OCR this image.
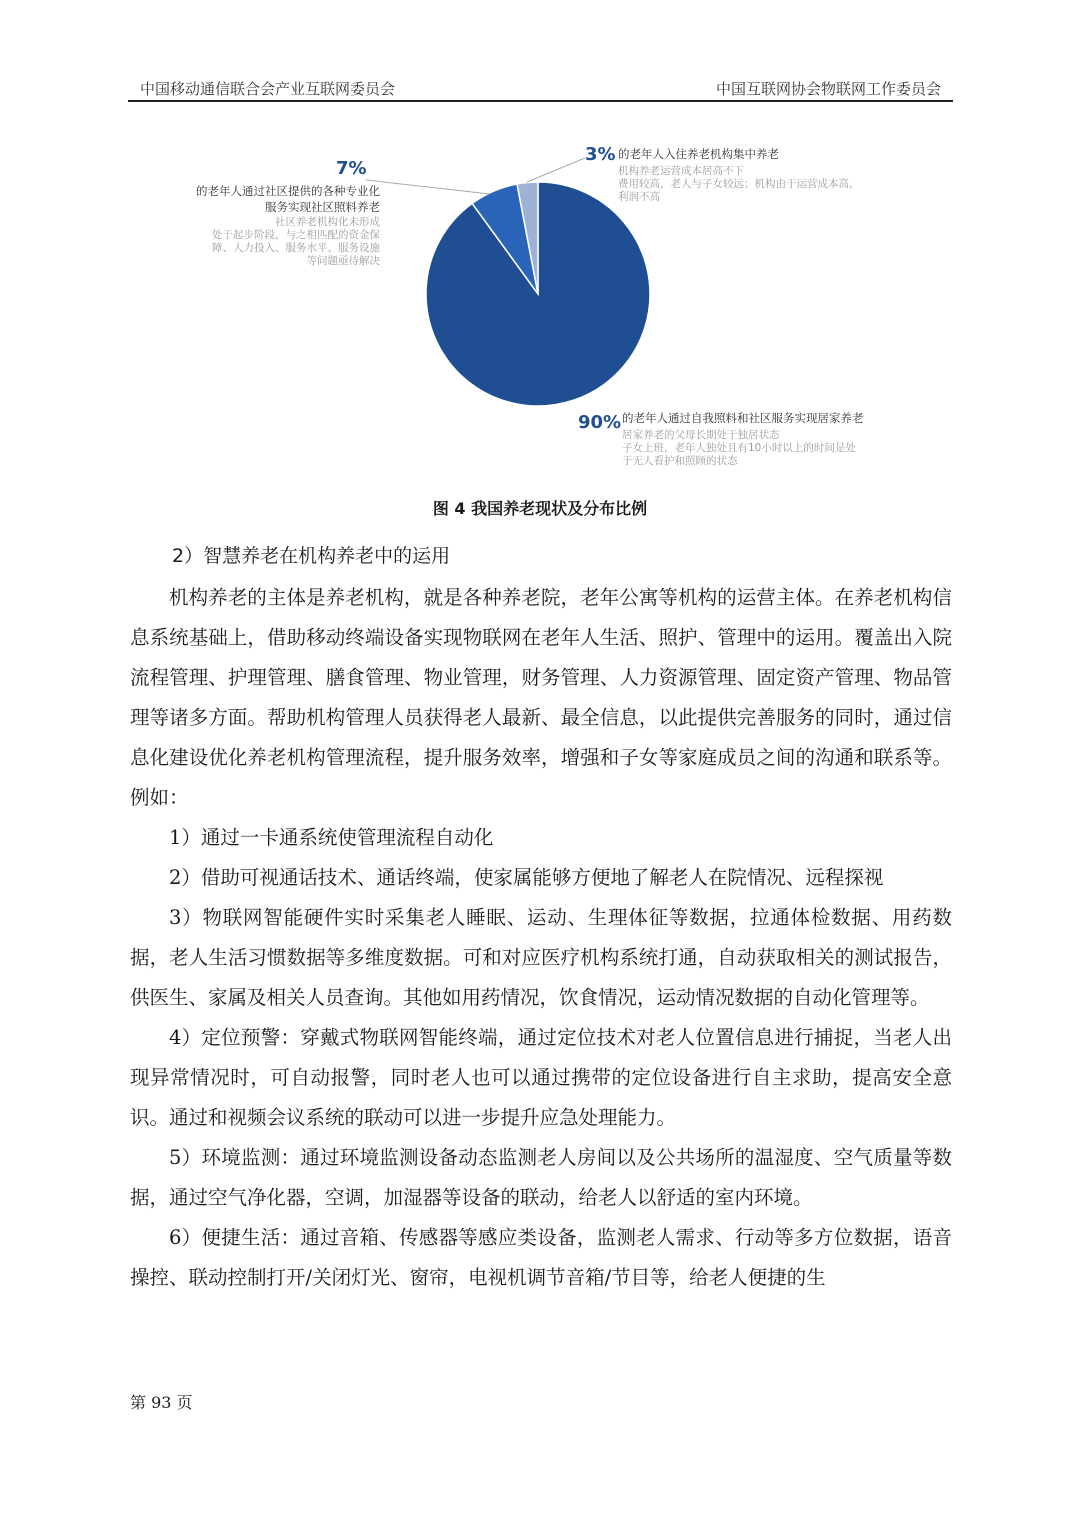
中国移动通信联合会产业互联网委员会	中国互联网协会物联网工作委员会
90% 的老年人通过自我照料和社区服务实现居家养老
居家养老的父母长期处于独居状态
子女上班，老年人独处且有10小时以上的时间是处
于无人看护和照顾的状态
7%
的老年人通过社区提供的各种专业化
服务实现社区照料养老
社区养老机构化未形成
处于起步阶段，与之相匹配的资金保
障、人力投入、服务水平、服务设施
等问题亟待解决
3% 的老年人入住养老机构集中养老
机构养老运营成本居高不下
费用较高，老人与子女较远；机构由于运营成本高，
利润不高
图 4 我国养老现状及分布比例
2）智慧养老在机构养老中的运用

机构养老的主体是养老机构，就是各种养老院，老年公寓等机构的运营主体。在养老机构信息系统基础上，借助移动终端设备实现物联网在老年人生活、照护、管理中的运用。覆盖出入院流程管理、护理管理、膳食管理、物业管理，财务管理、人力资源管理、固定资产管理、物品管理等诸多方面。帮助机构管理人员获得老人最新、最全信息，以此提供完善服务的同时，通过信息化建设优化养老机构管理流程，提升服务效率，增强和子女等家庭成员之间的沟通和联系等。例如：

1）通过一卡通系统使管理流程自动化

2）借助可视通话技术、通话终端，使家属能够方便地了解老人在院情况、远程探视

3）物联网智能硬件实时采集老人睡眠、运动、生理体征等数据，拉通体检数据、用药数据，老人生活习惯数据等多维度数据。可和对应医疗机构系统打通，自动获取相关的测试报告，供医生、家属及相关人员查询。其他如用药情况，饮食情况，运动情况数据的自动化管理等。

4）定位预警：穿戴式物联网智能终端，通过定位技术对老人位置信息进行捕捉，当老人出现异常情况时，可自动报警，同时老人也可以通过携带的定位设备进行自主求助，提高安全意识。通过和视频会议系统的联动可以进一步提升应急处理能力。

5）环境监测：通过环境监测设备动态监测老人房间以及公共场所的温湿度、空气质量等数据，通过空气净化器，空调，加湿器等设备的联动，给老人以舒适的室内环境。

6）便捷生活：通过音箱、传感器等感应类设备，监测老人需求、行动等多方位数据，语音操控、联动控制打开/关闭灯光、窗帘，电视机调节音箱/节目等，给老人便捷的生

第 93 页
